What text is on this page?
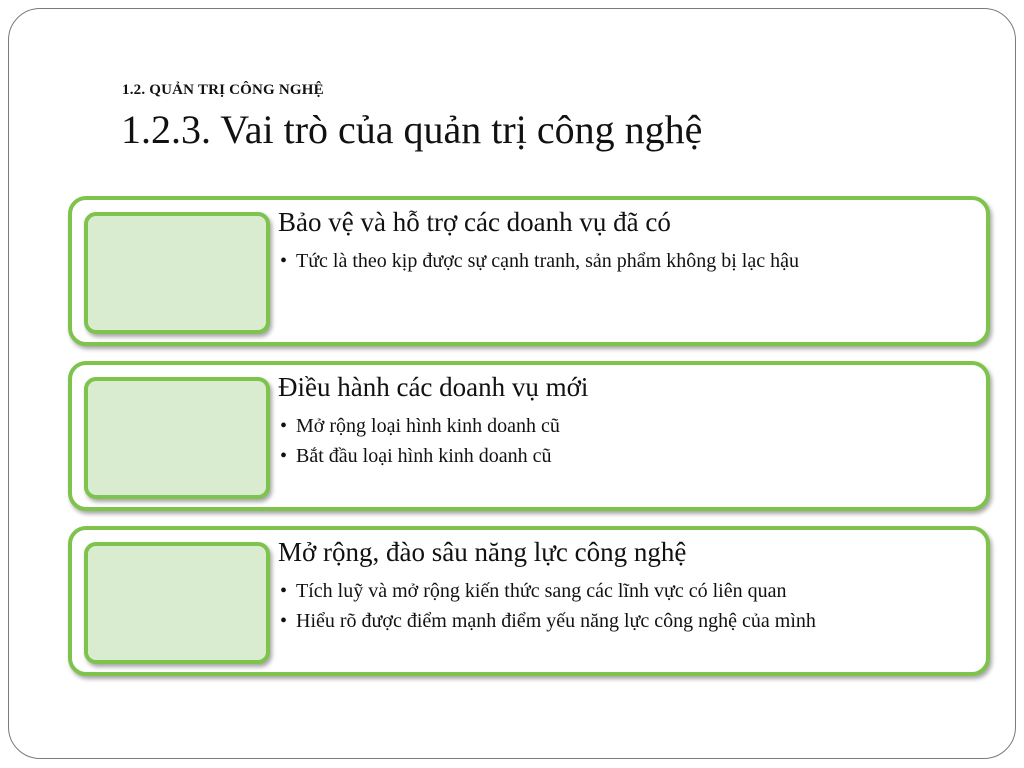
1.2. QUẢN TRỊ CÔNG NGHỆ
1.2.3. Vai trò của quản trị công nghệ
Bảo vệ và hỗ trợ các doanh vụ đã có
• Tức là theo kịp được sự cạnh tranh, sản phẩm không bị lạc hậu
Điều hành các doanh vụ mới
• Mở rộng loại hình kinh doanh cũ
• Bắt đầu loại hình kinh doanh cũ
Mở rộng, đào sâu năng lực công nghệ
• Tích luỹ và mở rộng kiến thức sang các lĩnh vực có liên quan
• Hiểu rõ được điểm mạnh điểm yếu năng lực công nghệ của mình
